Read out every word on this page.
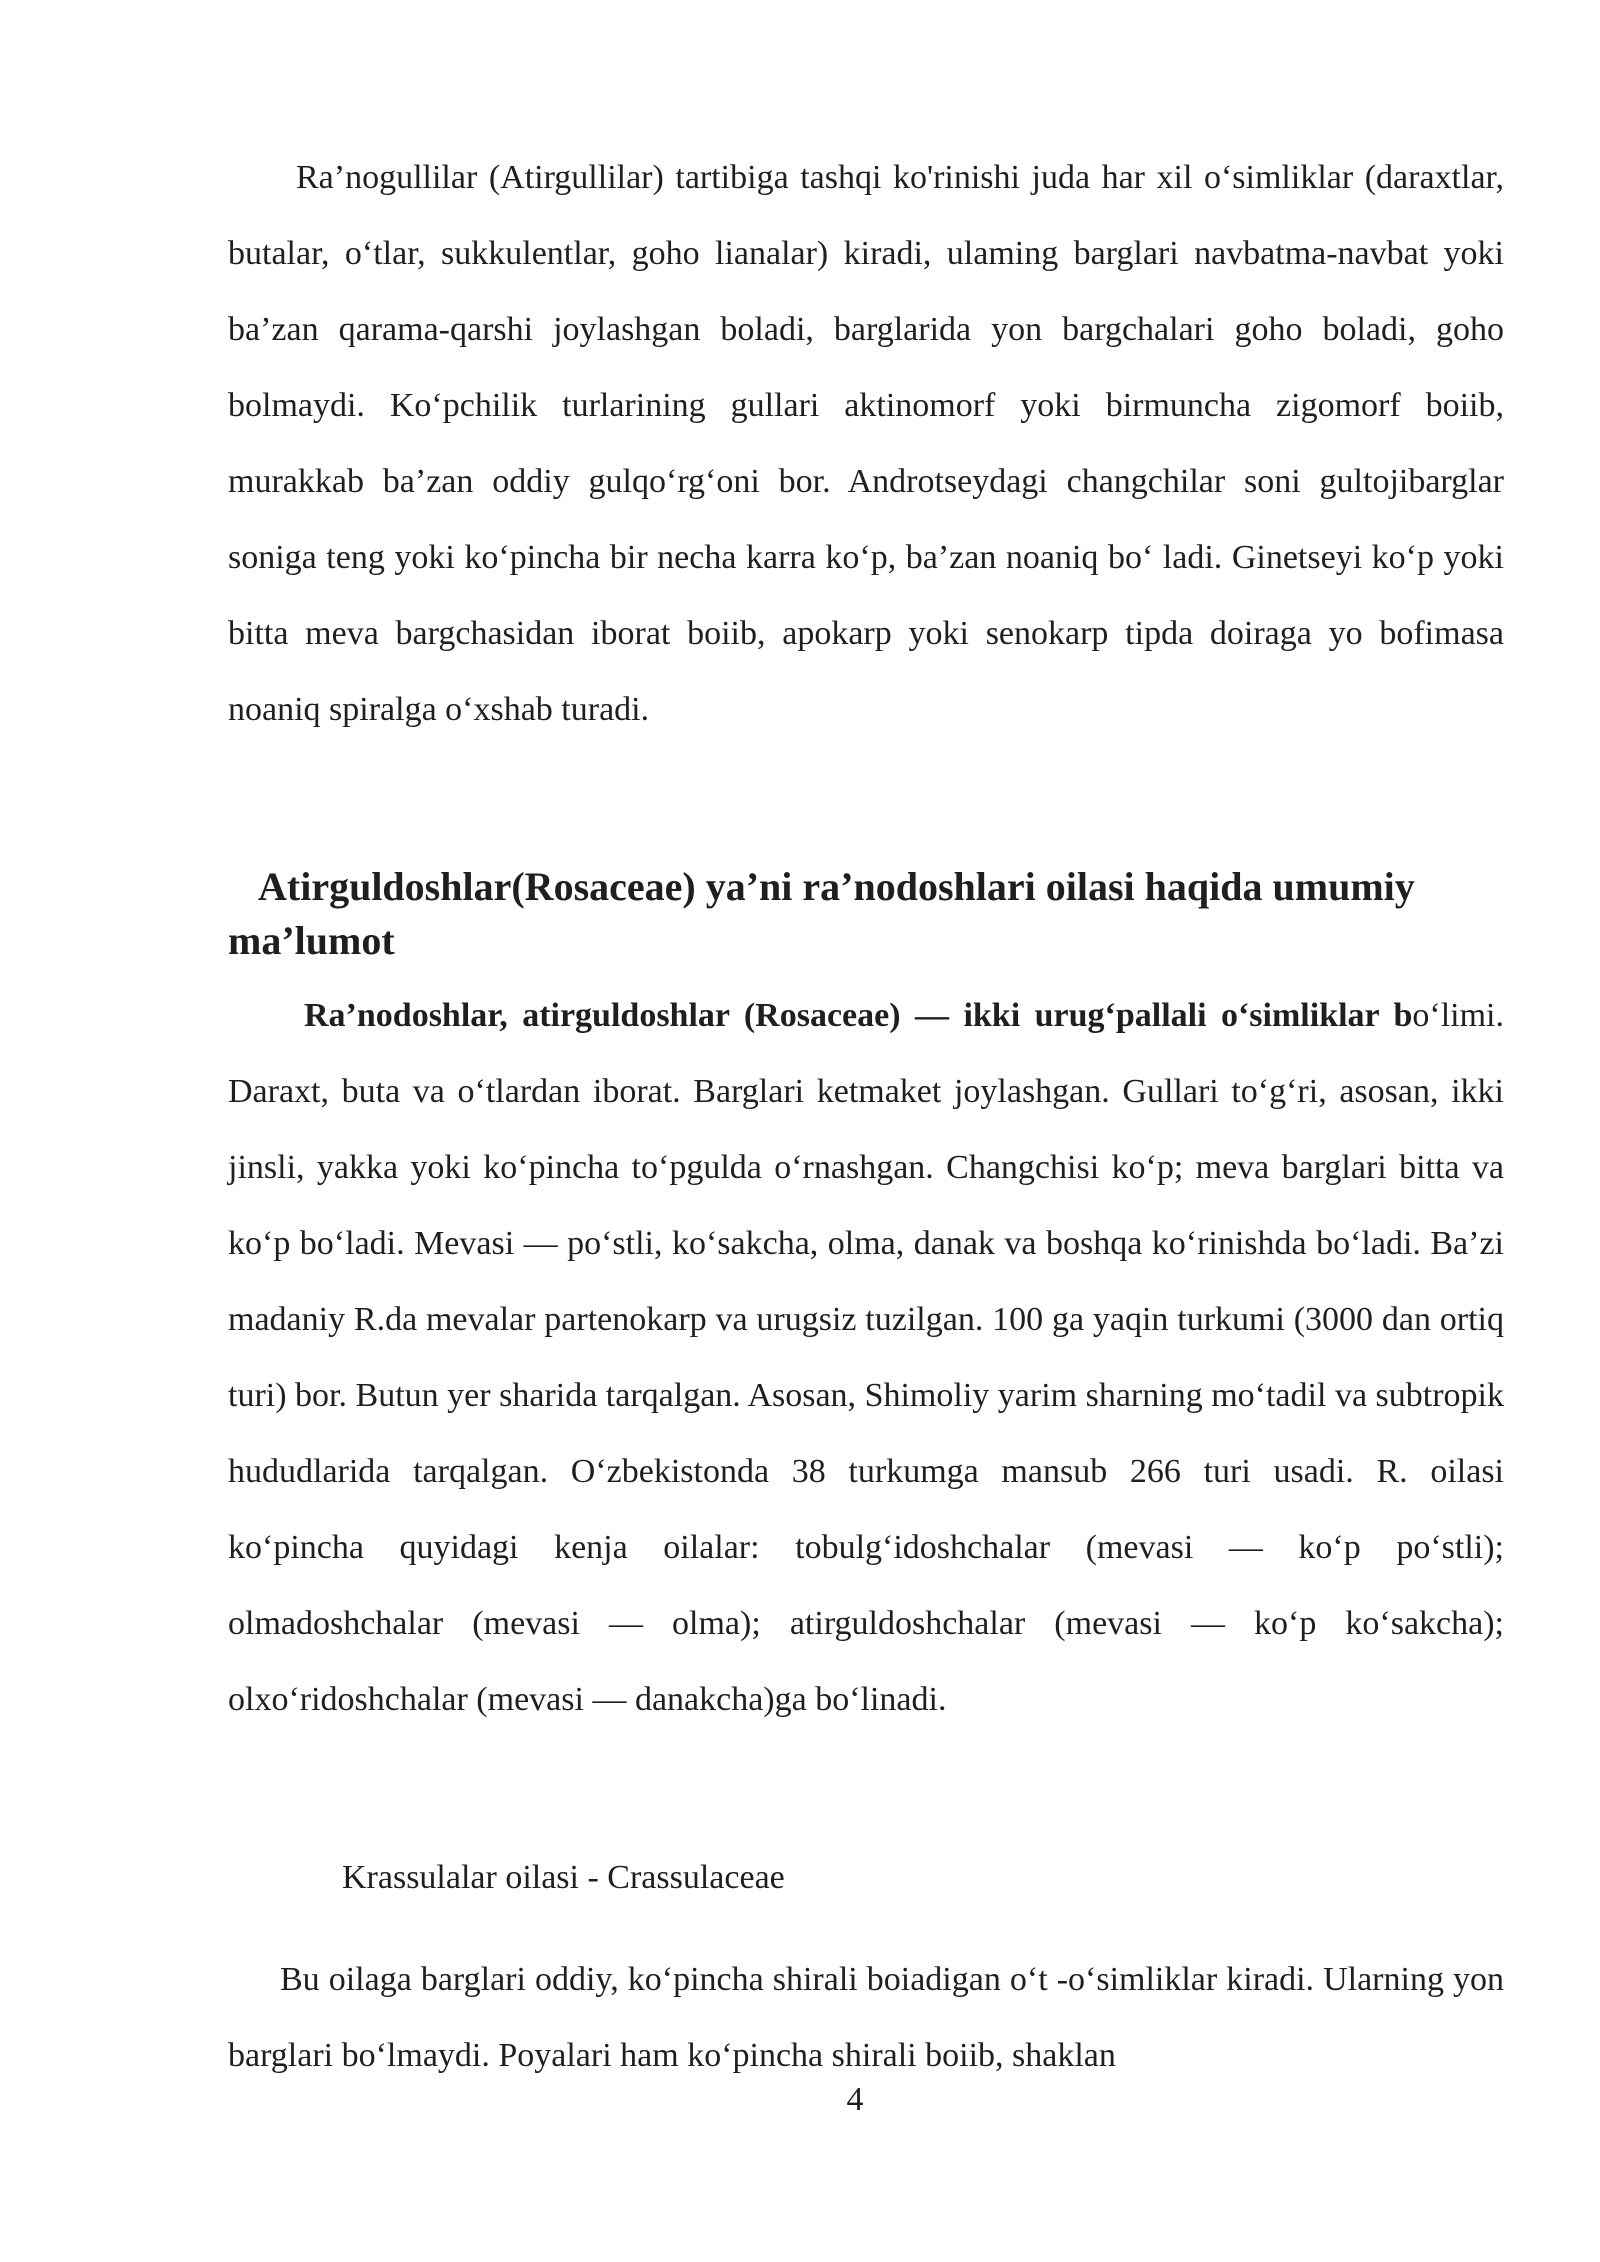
Ra’nogullilar (Atirgullilar) tartibiga tashqi ko'rinishi juda har xil o‘simliklar (daraxtlar, butalar, o‘tlar, sukkulentlar, goho lianalar) kiradi, ulaming barglari navbatma-navbat yoki ba’zan qarama-qarshi joylashgan boladi, barglarida yon bargchalari goho boladi, goho bolmaydi. Ko‘pchilik turlarining gullari aktinomorf yoki birmuncha zigomorf boiib, murakkab ba’zan oddiy gulqo‘rg‘oni bor. Androtseydagi changchilar soni gultojibarglar soniga teng yoki ko‘pincha bir necha karra ko‘p, ba’zan noaniq bo‘ ladi. Ginetseyi ko‘p yoki bitta meva bargchasidan iborat boiib, apokarp yoki senokarp tipda doiraga yo bofimasa noaniq spiralga o‘xshab turadi.

Atirguldoshlar(Rosaceae) ya’ni ra’nodoshlari oilasi haqida umumiy ma’lumot

Ra’nodoshlar, atirguldoshlar (Rosaceae) — ikki urug‘pallali o‘simliklar bo‘limi. Daraxt, buta va o‘tlardan iborat. Barglari ketmaket joylashgan. Gullari to‘g‘ri, asosan, ikki jinsli, yakka yoki ko‘pincha to‘pgulda o‘rnashgan. Changchisi ko‘p; meva barglari bitta va ko‘p bo‘ladi. Mevasi — po‘stli, ko‘sakcha, olma, danak va boshqa ko‘rinishda bo‘ladi. Ba’zi madaniy R.da mevalar partenokarp va urugsiz tuzilgan. 100 ga yaqin turkumi (3000 dan ortiq turi) bor. Butun yer sharida tarqalgan. Asosan, Shimoliy yarim sharning mo‘tadil va subtropik hududlarida tarqalgan. O‘zbekistonda 38 turkumga mansub 266 turi usadi. R. oilasi ko‘pincha quyidagi kenja oilalar: tobulg‘idoshchalar (mevasi — ko‘p po‘stli); olmadoshchalar (mevasi — olma); atirguldoshchalar (mevasi — ko‘p ko‘sakcha); olxo‘ridoshchalar (mevasi — danakcha)ga bo‘linadi.

Krassulalar oilasi - Crassulaceae

Bu oilaga barglari oddiy, ko‘pincha shirali boiadigan o‘t -o‘simliklar kiradi. Ularning yon barglari bo‘lmaydi. Poyalari ham ko‘pincha shirali boiib, shaklan

4
